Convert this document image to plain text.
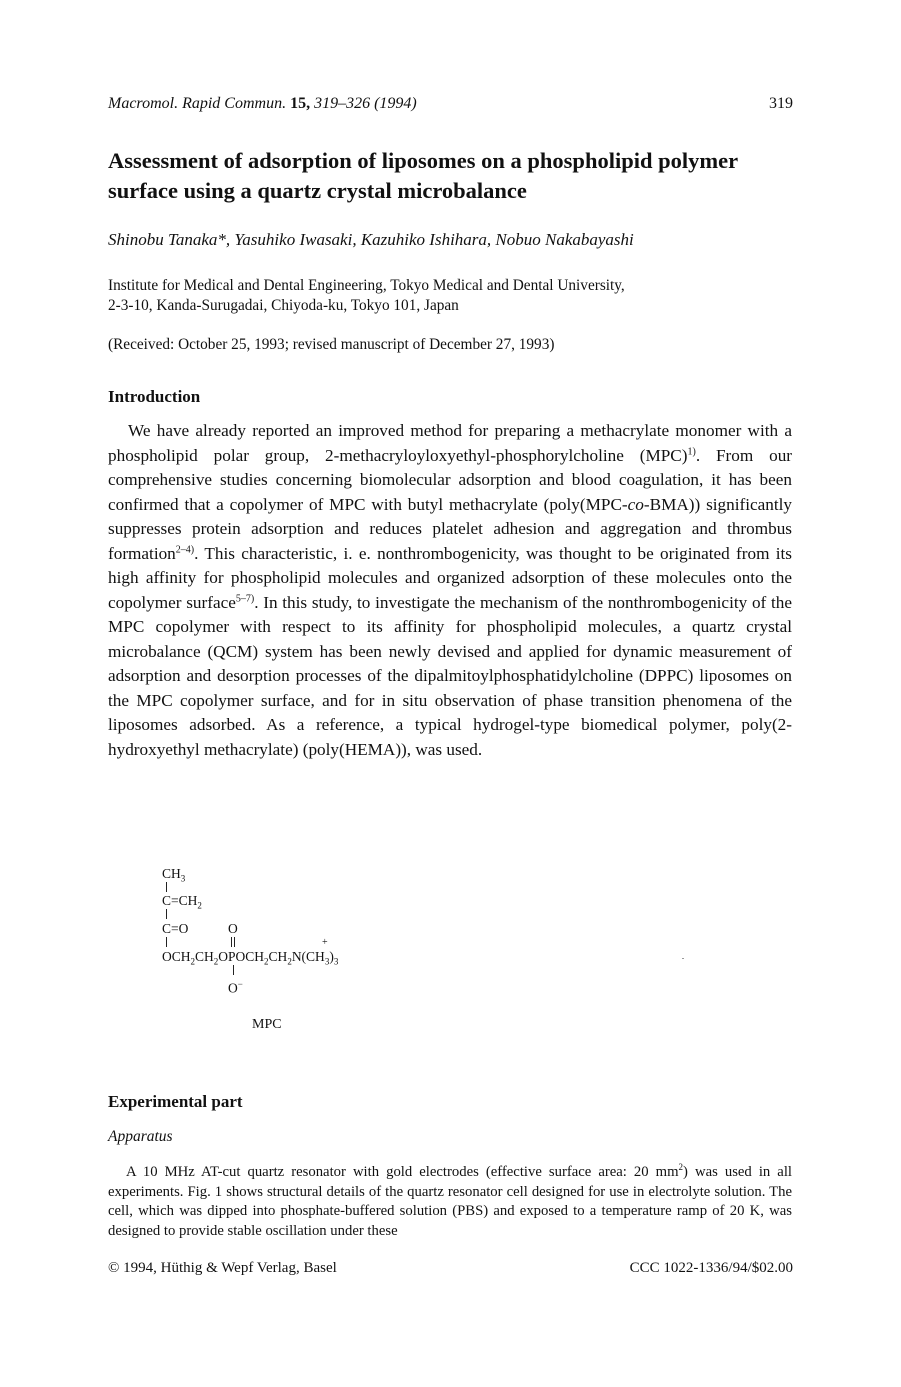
Macromol. Rapid Commun. 15, 319–326 (1994)	319
Assessment of adsorption of liposomes on a phospholipid polymer surface using a quartz crystal microbalance
Shinobu Tanaka*, Yasuhiko Iwasaki, Kazuhiko Ishihara, Nobuo Nakabayashi
Institute for Medical and Dental Engineering, Tokyo Medical and Dental University,
2-3-10, Kanda-Surugadai, Chiyoda-ku, Tokyo 101, Japan
(Received: October 25, 1993; revised manuscript of December 27, 1993)
Introduction
We have already reported an improved method for preparing a methacrylate monomer with a phospholipid polar group, 2-methacryloyloxyethyl-phosphorylcholine (MPC)$^{1)}$. From our comprehensive studies concerning biomolecular adsorption and blood coagulation, it has been confirmed that a copolymer of MPC with butyl methacrylate (poly(MPC-co-BMA)) significantly suppresses protein adsorption and reduces platelet adhesion and aggregation and thrombus formation$^{2-4)}$. This characteristic, i. e. nonthrombogenicity, was thought to be originated from its high affinity for phospholipid molecules and organized adsorption of these molecules onto the copolymer surface$^{5-7)}$. In this study, to investigate the mechanism of the nonthrombogenicity of the MPC copolymer with respect to its affinity for phospholipid molecules, a quartz crystal microbalance (QCM) system has been newly devised and applied for dynamic measurement of adsorption and desorption processes of the dipalmitoylphosphatidylcholine (DPPC) liposomes on the MPC copolymer surface, and for in situ observation of phase transition phenomena of the liposomes adsorbed. As a reference, a typical hydrogel-type biomedical polymer, poly(2-hydroxyethyl methacrylate) (poly(HEMA)), was used.
$CH_3$
$C=CH_2$
C=O	O
+
$OCH_2CH_2OPOCH_2CH_2N(CH_3)_3$
O−
MPC
Experimental part
Apparatus
A 10 MHz AT-cut quartz resonator with gold electrodes (effective surface area: 20 $mm^2$) was used in all experiments. Fig. 1 shows structural details of the quartz resonator cell designed for use in electrolyte solution. The cell, which was dipped into phosphate-buffered solution (PBS) and exposed to a temperature ramp of 20 K, was designed to provide stable oscillation under these
© 1994, Hüthig & Wepf Verlag, Basel	CCC 1022-1336/94/$02.00
